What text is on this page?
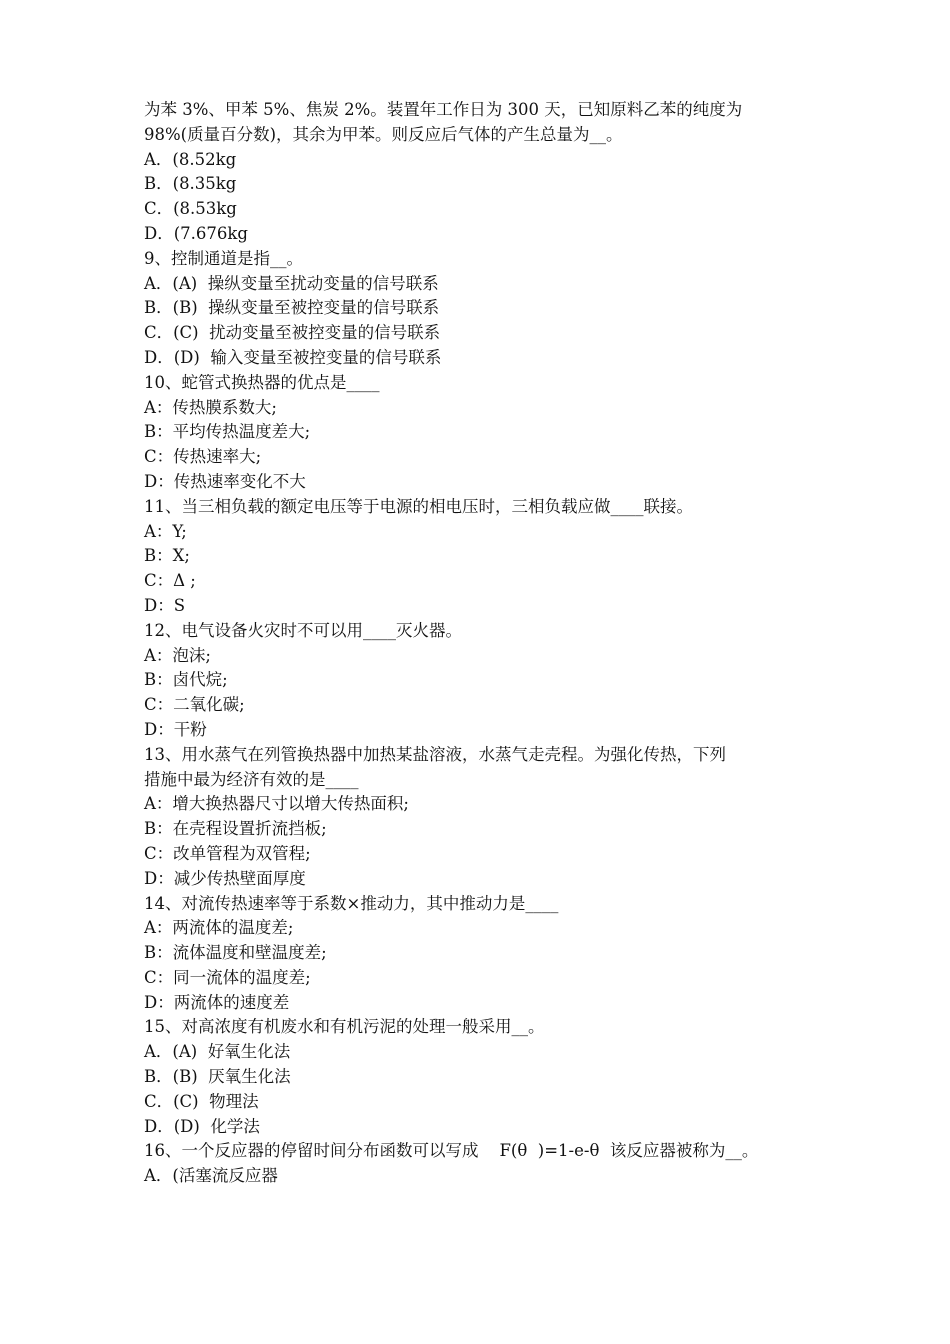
为苯 3%、甲苯 5%、焦炭 2%。装置年工作日为 300 天，已知原料乙苯的纯度为
98%(质量百分数)，其余为甲苯。则反应后气体的产生总量为__。
A．(8.52kg
B．(8.35kg
C．(8.53kg
D．(7.676kg
9、控制通道是指__。
A．(A)  操纵变量至扰动变量的信号联系
B．(B)  操纵变量至被控变量的信号联系
C．(C)  扰动变量至被控变量的信号联系
D．(D)  输入变量至被控变量的信号联系
10、蛇管式换热器的优点是____
A：传热膜系数大;
B：平均传热温度差大;
C：传热速率大;
D：传热速率变化不大
11、当三相负载的额定电压等于电源的相电压时，三相负载应做____联接。
A：Y;
B：X;
C：Δ ;
D：S
12、电气设备火灾时不可以用____灭火器。
A：泡沫;
B：卤代烷;
C：二氧化碳;
D：干粉
13、用水蒸气在列管换热器中加热某盐溶液，水蒸气走壳程。为强化传热，下列
措施中最为经济有效的是____
A：增大换热器尺寸以增大传热面积;
B：在壳程设置折流挡板;
C：改单管程为双管程;
D：减少传热壁面厚度
14、对流传热速率等于系数×推动力，其中推动力是____
A：两流体的温度差;
B：流体温度和壁温度差;
C：同一流体的温度差;
D：两流体的速度差
15、对高浓度有机废水和有机污泥的处理一般采用__。
A．(A)  好氧生化法
B．(B)  厌氧生化法
C．(C)  物理法
D．(D)  化学法
16、一个反应器的停留时间分布函数可以写成    F(θ  )=1-e-θ  该反应器被称为__。
A．(活塞流反应器
